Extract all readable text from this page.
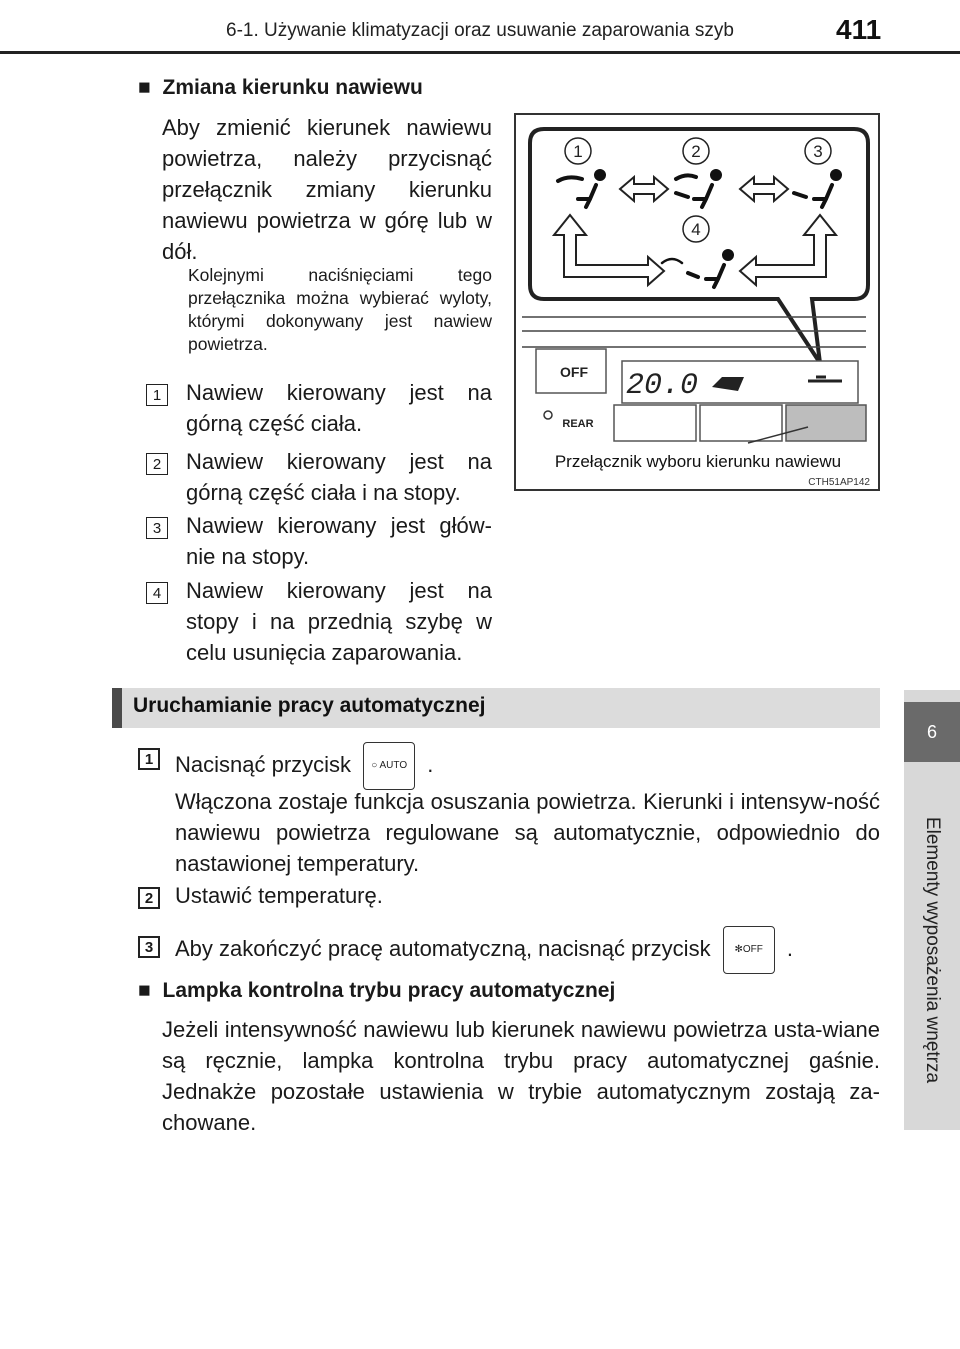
6-1. Używanie klimatyzacji oraz usuwanie zaparowania szyb	411
6
Elementy wyposażenia wnętrza
■ Zmiana kierunku nawiewu
Aby zmienić kierunek nawiewu powietrza, należy przycisnąć przełącznik zmiany kierunku nawiewu powietrza w górę lub w dół.
Kolejnymi naciśnięciami tego przełącznika można wybierać wyloty, którymi dokonywany jest nawiew powietrza.
1	Nawiew kierowany jest na górną część ciała.
2	Nawiew kierowany jest na górną część ciała i na stopy.
3	Nawiew kierowany jest głów-nie na stopy.
4	Nawiew kierowany jest na stopy i na przednią szybę w celu usunięcia zaparowania.
1	2	3
4
OFF 20.0
REAR
Przełącznik wyboru kierunku nawiewu
CTH51AP142
Uruchamianie pracy automatycznej
1 Nacisnąć przycisk ○ AUTO .
Włączona zostaje funkcja osuszania powietrza. Kierunki i intensyw-ność nawiewu powietrza regulowane są automatycznie, odpowiednio do nastawionej temperatury.
2 Ustawić temperaturę.
3 Aby zakończyć pracę automatyczną, nacisnąć przycisk ✻OFF .
■ Lampka kontrolna trybu pracy automatycznej
Jeżeli intensywność nawiewu lub kierunek nawiewu powietrza usta-wiane są ręcznie, lampka kontrolna trybu pracy automatycznej gaśnie. Jednakże pozostałe ustawienia w trybie automatycznym zostają za-chowane.
